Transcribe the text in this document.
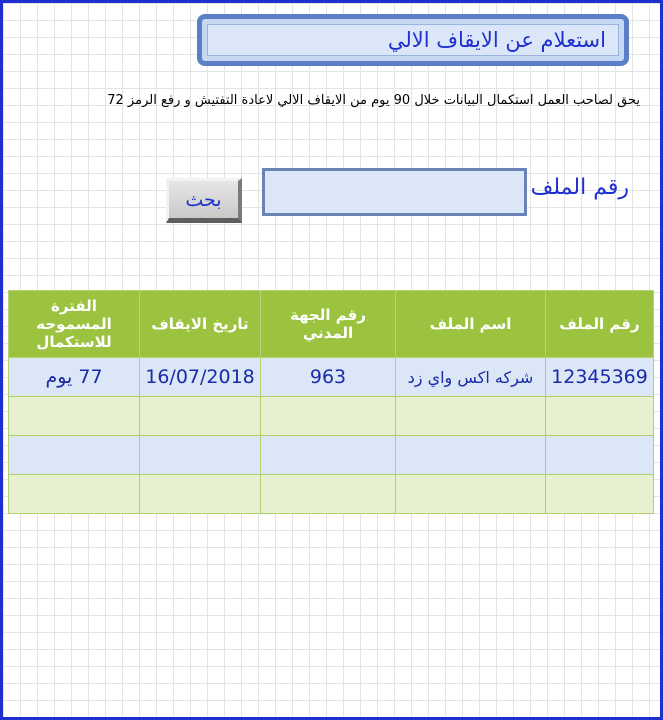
استعلام عن الايقاف الالي
يحق لصاحب العمل استكمال البيانات خلال 90 يوم من الايقاف الالي لاعادة التفتيش و رفع الرمز 72
رقم الملف
بحث
رقم الملف	اسم الملف	رقم الجهة المدني	تاريخ الايقاف	الفترة المسموحه للاستكمال
12345369	شركه اكس واي زد	963	16/07/2018	77 يوم
